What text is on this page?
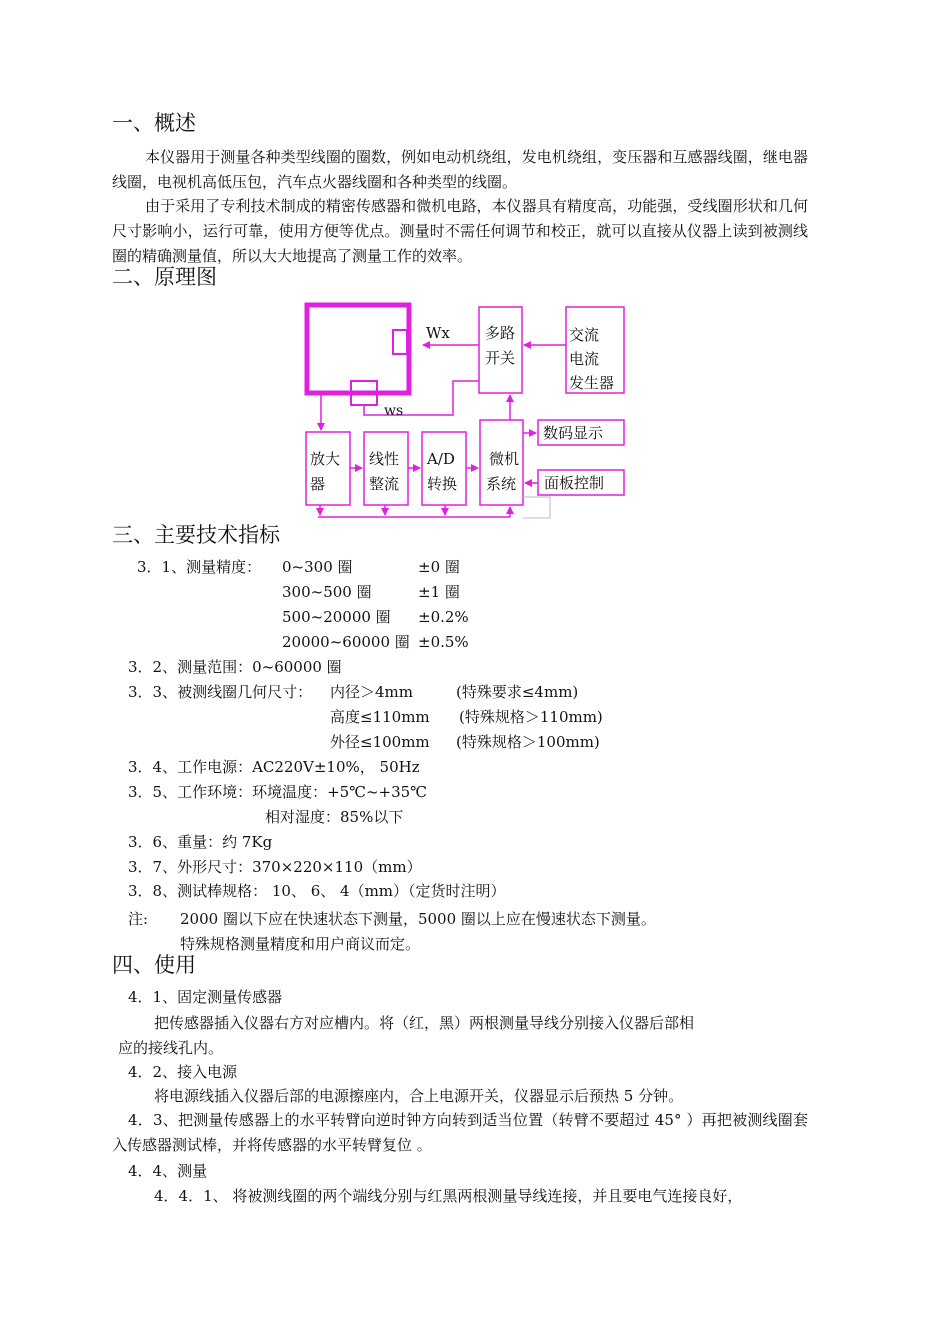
一、概述
本仪器用于测量各种类型线圈的圈数，例如电动机绕组，发电机绕组，变压器和互感器线圈，继电器线圈，电视机高低压包，汽车点火器线圈和各种类型的线圈。
由于采用了专利技术制成的精密传感器和微机电路，本仪器具有精度高，功能强，受线圈形状和几何尺寸影响小，运行可靠，使用方便等优点。测量时不需任何调节和校正，就可以直接从仪器上读到被测线圈的精确测量值，所以大大地提高了测量工作的效率。
二、原理图
Wx
ws
多路
开关
交流
电流
发生器
放大
器
线性
整流
A/D
转换
微机
系统
数码显示
面板控制
三、主要技术指标
3．1、测量精度： 0~300 圈	±0 圈
300~500 圈	±1 圈
500~20000 圈 ±0.2%
20000~60000 圈 ±0.5%
3．2、测量范围：0~60000 圈
3．3、被测线圈几何尺寸： 内径＞4mm	(特殊要求≤4mm)
高度≤110mm (特殊规格＞110mm)
外径≤100mm (特殊规格＞100mm)
3．4、工作电源：AC220V±10%， 50Hz
3．5、工作环境：环境温度：+5℃~+35℃
相对湿度：85%以下
3．6、重量：约 7Kg
3．7、外形尺寸：370×220×110（mm）
3．8、测试棒规格： 10、 6、 4（mm）（定货时注明）
注: 2000 圈以下应在快速状态下测量，5000 圈以上应在慢速状态下测量。
特殊规格测量精度和用户商议而定。
四、使用
4．1、固定测量传感器
把传感器插入仪器右方对应槽内。将（红，黑）两根测量导线分别接入仪器后部相
应的接线孔内。
4．2、接入电源
将电源线插入仪器后部的电源擦座内，合上电源开关，仪器显示后预热 5 分钟。
4．3、把测量传感器上的水平转臂向逆时钟方向转到适当位置（转臂不要超过 45° ）再把被测线圈套入传感器测试棒，并将传感器的水平转臂复位 。
4．4、测量
4．4．1、 将被测线圈的两个端线分别与红黑两根测量导线连接，并且要电气连接良好，
